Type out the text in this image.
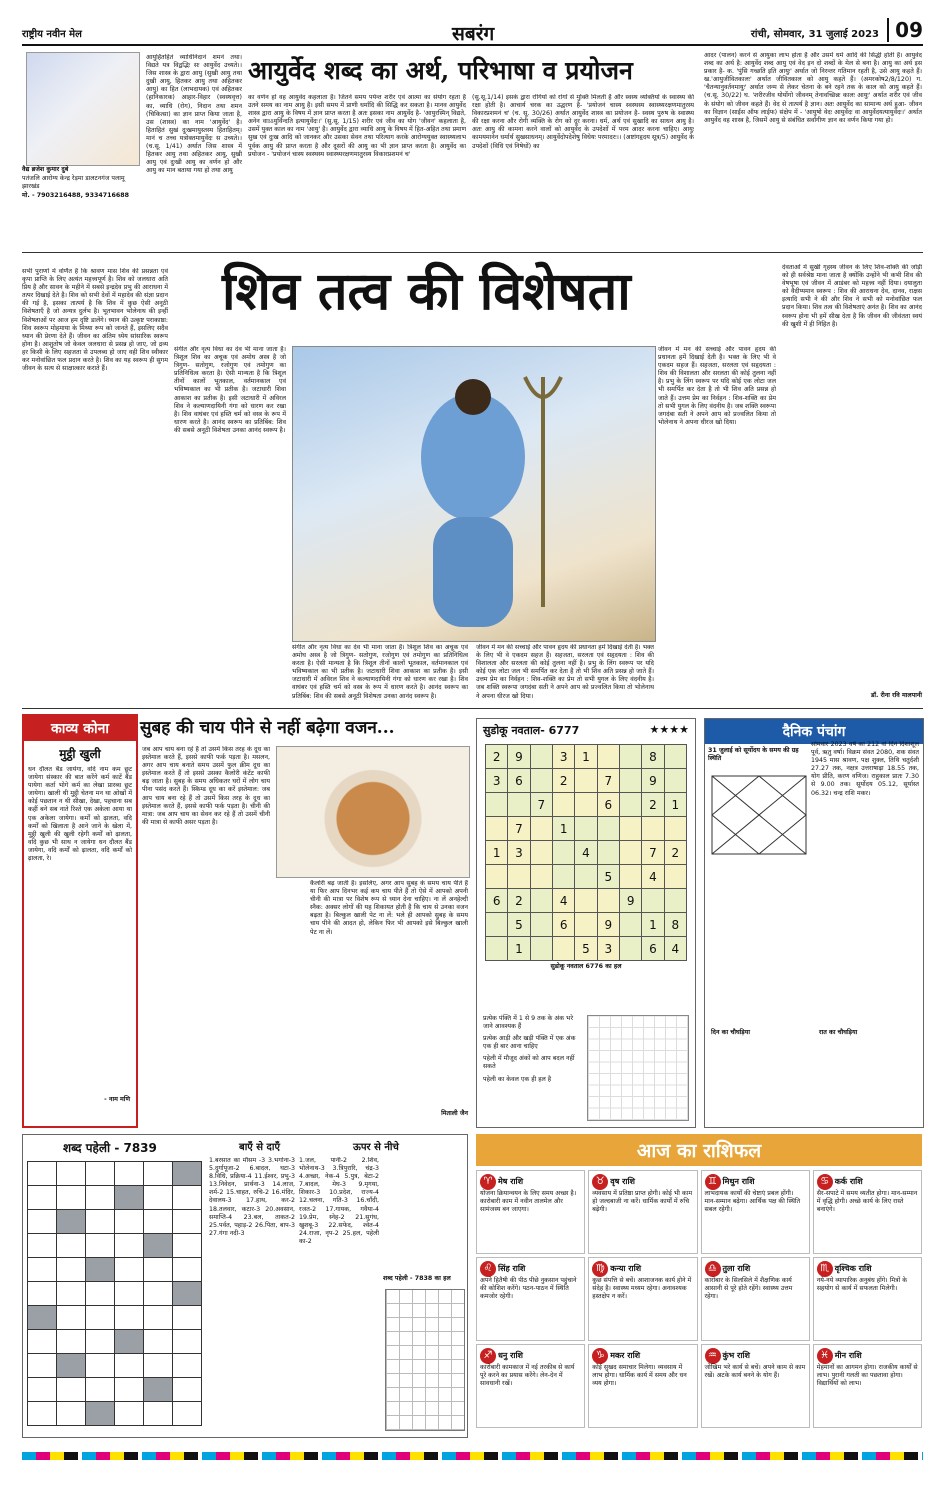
राष्ट्रीय नवीन मेल	सबरंग	रांची, सोमवार, 31 जुलाई 2023 09
वैद्य ब्रजेश कुमार दुबे
पतंजलि आरोग्य केन्द्र रेड़मा डालटनगंज पलामू झारखंड
मो. - 7903216488, 9334716688
आयुर्वेद शब्द का अर्थ, परिभाषा व प्रयोजन
आयुर्हितहितं व्याधिनिदानं शमनं तथा। विद्यते यत्र विद्वद्भिः सः आयुर्वेद उच्यते।। जिस शास्त्र के द्वारा आयु (सुखी आयु तथा दुखी आयु, हितकर आयु तथा अहितकर आयु) का हित (लाभदायक) एवं अहितकर (हानिकारक) आहार-विहार (स्वस्थवृत्त) का, व्याधि (रोग), निदान तथा शमन (चिकित्सा) का ज्ञान प्राप्त किया जाता है, उस (शास्त्र) का नाम 'आयुर्वेद' है। हिताहितं सुखं दुःखमायुस्तस्य हिताहितम्। मानं च तच्च यत्रोक्तमायुर्वेदः स उच्यते।। (च.सू. 1/41) अर्थात जिस शास्त्र में हितकर आयु तथा अहितकर आयु, सुखी आयु एवं दुःखी आयु का वर्णन हो और आयु का मान बताया गया हो तथा आयु
का वर्णन हो वह आयुर्वेद कहलाता है। जितने समय पर्यन्त शरीर एवं आत्मा का संयोग रहता है उतने समय का नाम आयु है। इसी समय में प्राणी धर्मादि की सिद्धि कर सकता है। मानव आयुर्वेद शास्त्र द्वारा आयु के विषय में ज्ञान प्राप्त करता है अतः इसका नाम आयुर्वेद है- 'आयुरस्मिन् विद्यते, अनेन वाऽऽयुर्विन्दति इत्यायुर्वेदः।' (सु.सू. 1/15) शरीर एवं जीव का योग 'जीवन' कहलाता है, उसमें युक्त काल का नाम 'आयु' है। आयुर्वेद द्वारा व्याधि आयु के विषय में हित-अहित तथा प्रमाण सुख एवं दुःख आदि को जानकर और उसका सेवन तथा परित्याग करके आरोग्ययुक्त स्वास्थ्यलाभ पूर्वक आयु की प्राप्त करता है और दूसरों की आयु का भी ज्ञान प्राप्त करता है। आयुर्वेद का प्रयोजन - 'प्रयोजनं चास्य स्वस्थस्य स्वास्थ्यरक्षणमातुरस्य विकारप्रशमनं च'
(सु.सू.1/14) इसके द्वारा रोगियों को रोगों से मुक्ति मिलती है और स्वस्थ व्यक्तियों के स्वास्थ्य की रक्षा होती है। आचार्य चरक का उद्धरण है- 'प्रयोजनं चास्य स्वस्थस्य स्वास्थ्यरक्षणमातुरस्य विकारप्रशमनं च' (च. सू. 30/26) अर्थात आयुर्वेद शास्त्र का प्रयोजन है- स्वस्थ पुरुष के स्वास्थ्य की रक्षा करना और रोगी व्यक्ति के रोग को दूर करना। धर्म, अर्थ एवं सुखादि का साधन आयु है। अतः आयु की कामना करने वालों को आयुर्वेद के उपदेशों में परम आदर करना चाहिए। आयुः कामयमानेन धर्मार्थ सुखसाधनम्। आयुर्वेदोपदेशेषु विधेयः परमादरः।। (अष्टांगहृदय सूत्र/5) आयुर्वेद के उपदेशों (विधि एवं निषेधों) का
आदर (पालन) करने से आयुका लाभ होता है और उसमें धर्म आदि की सिद्धी होती है। आयुर्वेद शब्द का अर्थ है: आयुर्वेद शब्द आयु एवं वेद इन दो शब्दों के मेल से बना है। आयु का अर्थ इस प्रकार है- क. 'पुंसि गच्छति इति आयुः' अर्थात जो निरन्तर गतिमान रहती है, उसे आयु कहते हैं। ख.'आयुजीवितकालः' अर्थात जीवितकाल को आयु कहते हैं। (अमरकोष2/8/120) ग. 'चैतन्यानुवर्तनमायुः' अर्थात जन्म से लेकर चेतना के बने रहने तक के काल को आयु कहते हैं। (च.सू. 30/22) घ. 'शरीरजीव योर्योगो जीवनम् तेनावच्छिन्नः कालः आयुः' अर्थात शरीर एवं जीव के संयोग को जीवन कहते हैं। वेद से तात्पर्य है ज्ञान। अतः आयुर्वेद का सामान्य अर्थ हुआ- जीवन का विज्ञान (साईंस ऑफ लाईफ) संक्षेप में - 'आयुषो वेदः आयुर्वेदः वा आयुर्वेदयत्यायुर्वेदः।' अर्थात आयुर्वेद वह शास्त्र है, जिसमें आयु से संबंधित सर्वांगीण ज्ञान का वर्णन किया गया हो।
शिव तत्व की विशेषता
सभी पुराणों में वर्णित है कि श्रावण मास शिव की प्रसन्नता एवं कृपा प्राप्ति के लिए अत्यंत महत्त्वपूर्ण है। शिव को जलधारा अति प्रिय है और सावन के महीने में सबसे इन्द्रदेव प्रभु की आराधना में तत्पर दिखाई देते है। शिव को सभी देवों में महादेव की संज्ञा प्रदान की गई है, इसका तात्पर्य है कि शिव में कुछ ऐसी अनूठी विशेषताएँ है जो अन्यत्र दुर्लभ है। भूतभावन भोलेनाथ की इन्हीं विशेषताओं पर आज हम दृष्टि डालेंगे। ध्यान की उत्कृष्ट पराकाष्ठा: शिव स्वरूप मोहमाया के मिथ्या रूप को जानते हैं, इसलिए सदैव ध्यान की प्रेरणा देते हैं। जीवन का अंतिम ध्येय सांसारिक स्वरूप होना है। आशुतोष जो केवल जलधारा से प्रसन्न हो जाए, जो द्रव्य हर किसी के लिए सहजता से उपलब्ध हो जाए वही शिव स्वीकार कर मनोवांछित फल प्रदान करते है। शिव का यह स्वरूप ही सुगम जीवन के सत्य से साक्षात्कार कराते हैं।
संगीत और नृत्य विधा का देव भी माना जाता है। त्रिशूल शिव का अचूक एवं अमोघ अस्त्र है जो त्रिगुण- सतोगुण, रजोगुण एवं तमोगुण का प्रतिनिधित्व करता है। ऐसी मान्यता है कि त्रिशूल तीनों कालों भूतकाल, वर्तमानकाल एवं भविष्यकाल का भी प्रतीक है। जटाधारी शिवा आकाश का प्रतीक है। इसी जटाधारी में अविरल शिव ने कल्याणदायिनी गंगा को धारण कर रखा है। शिव वाघंबर एवं हस्ति चर्म को वस्त्र के रूप में धारण करते है। आनंद स्वरूप का प्रतिबिंब: शिव की सबसे अनूठी विशेषता उनका आनंद स्वरूप है।
संगीत और नृत्य विधा का देव भी माना जाता है। त्रिशूल शिव का अचूक एवं अमोघ अस्त्र है जो त्रिगुण- सतोगुण, रजोगुण एवं तमोगुण का प्रतिनिधित्व करता है। ऐसी मान्यता है कि त्रिशूल तीनों कालों भूतकाल, वर्तमानकाल एवं भविष्यकाल का भी प्रतीक है। जटाधारी शिवा आकाश का प्रतीक है। इसी जटाधारी में अविरल शिव ने कल्याणदायिनी गंगा को धारण कर रखा है। शिव वाघंबर एवं हस्ति चर्म को वस्त्र के रूप में धारण करते है। आनंद स्वरूप का प्रतिबिंब: शिव की सबसे अनूठी विशेषता उनका आनंद स्वरूप है।
जीवन में मन की सच्चाई और पावन हृदय की प्रधानता हमें दिखाई देती है। भक्त के लिए भी वे एकदम सहज हैं। सहजता, सरलता एवं सहृदयता : शिव की विशालता और सरलता की कोई तुलना नहीं है। प्रभु के लिंग स्वरूप पर यदि कोई एक लोटा जल भी समर्पित कर देता है तो भी शिव अति प्रसन्न हो जाते हैं। उत्तम प्रेम का निर्वहन : शिव-शक्ति का प्रेम तो सभी युगल के लिए वंदनीय है। जब शक्ति स्वरूपा जगदंबा सती ने अपने आप को प्रज्वलित किया तो भोलेनाथ ने अपना धीरज खो दिया।
जीवन में मन की सच्चाई और पावन हृदय की प्रधानता हमें दिखाई देती है। भक्त के लिए भी वे एकदम सहज हैं। सहजता, सरलता एवं सहृदयता : शिव की विशालता और सरलता की कोई तुलना नहीं है। प्रभु के लिंग स्वरूप पर यदि कोई एक लोटा जल भी समर्पित कर देता है तो भी शिव अति प्रसन्न हो जाते हैं। उत्तम प्रेम का निर्वहन : शिव-शक्ति का प्रेम तो सभी युगल के लिए वंदनीय है। जब शक्ति स्वरूपा जगदंबा सती ने अपने आप को प्रज्वलित किया तो भोलेनाथ ने अपना धीरज खो दिया।
देवताओं में सुखी गृहस्थ जीवन के लिए शिव-शक्ति की जोड़ी को ही सर्वश्रेष्ठ माना जाता है क्योंकि उन्होंने भी कभी शिव की वेषभूषा एवं जीवन में आडंबर को महत्त्व नहीं दिया। दयालुता को वैदीप्यमान स्वरूप : शिव की आराधना देव, दानव, राक्षस इत्यादि सभी ने की और शिव ने सभी को मनोवांछित फल प्रदान किया। शिव तत्व की विशेषताएं अनंत है। शिव का आनंद स्वरूप होना भी हमें सीख देता है कि जीवन की जीवंतता स्वयं की खुशी में ही निहित है।
डॉ. रीना रवि मालपानी
काव्य कोना
मुट्ठी खुली
धन दौलत बैंड जायेगा, वदि नाम कम छूट जायेगा संस्कार की बात करेंगे कर्म काटें बैंड पायेगा कर्ता भोगे कर्म का लेखा प्रारब्ध छूट जायेगा। खाली थी मुट्ठी चेतना मन था ओखों में कोई पछतान न थी सीखा, देखा, पहचाना सब कहीं बने सब नाते रिश्ते एक अकेला आया था एक अकेला जायेगा। कर्मों को ढ़ालता, वदि कर्मों को खिलाता है आने जाने के खेला में, मुट्ठी खुली की खुली रहेगी कर्मों को ढ़ालता, वदि कुछ भी साथ न जायेगा धन दौलत बैंड जायेगा, वदि कर्मों को ढ़ालता, वदि कर्मों को ढ़ालता, रे।
- नाम मणि
सुबह की चाय पीने से नहीं बढ़ेगा वजन...
जब आप चाय बना रहे हैं तो उसमें किस तरह के दूध का इस्तेमाल करते हैं, इससे काफी फर्क पड़ता है। मसलन, अगर आप चाय बनाते समय उसमें फुल क्रीम दूध का इस्तेमाल करते हैं तो इससे उसका कैलोरी कंटेंट काफी बढ़ जाता है। सुबह के समय अधिकतर घरों में लोग चाय पीना पसंद करते हैं। स्किम्ड दूध का करें इस्तेमाल: जब आप चाय बना रहे हैं तो उसमें किस तरह के दूध का इस्तेमाल करते हैं, इससे काफी फर्क पड़ता है। चीनी की मात्रा: जब आप चाय का सेवन कर रहे हैं तो उसमें चीनी की मात्रा से काफी असर पड़ता है।
कैलोरी बढ़ जाती है। इसलिए, अगर आप सुबह के समय चाय पीते हैं या फिर आप दिनभर कई कप चाय पीते हैं तो ऐसे में आपको अपनी चीनी की मात्रा पर विशेष रूप से ध्यान देना चाहिए। ना लें अनहेल्दी स्नैक: अक्सर लोगों की यह शिकायत होती है कि चाय से उनका वजन बढ़ता है। बिल्कुल खाली पेट ना लें: भले ही आपको सुबह के समय चाय पीने की आदत हो, लेकिन फिर भी आपको इसे बिल्कुल खाली पेट ना लें।
मिताली जैन
सुडोकू नवताल- 6777	★★★★
2	9		3	1			8	
3	6		2		7		9	
		7			6		2	1
	7		1					
1	3			4			7	2
					5		4	
6	2		4			9		
	5		6		9		1	8
	1			5	3		6	4
सुडोकू नवताल 6776 का हल
प्रत्येक पंक्ति में 1 से 9 तक के अंक भरे जाने आवश्यक हैं
प्रत्येक आड़ी और खड़ी पंक्ति में एक अंक एक ही बार आना चाहिए
पहेली में मौजूद अंकों को आप बदल नहीं सकते
पहेली का केवल एक ही हल है
दैनिक पंचांग
31 जुलाई को सूर्योदय के समय की ग्रह स्थिति
सोमवार 2023 वर्ष का 212 वां दिन दिशाशूल पूर्व, ऋतु वर्षा। विक्रम संवत 2080, शक संवत 1945 मास श्रावण, पक्ष शुक्ल, तिथि चतुर्दशी 27.27 तक, नक्षत्र उत्तराषाढ़ा 18.55 तक, योग प्रीति, करण वणिज। राहुकाल प्रातः 7.30 से 9.00 तक। सूर्योदय 05.12, सूर्यास्त 06.32। चन्द्र राशि मकर।
दिन का चौघड़िया	रात का चौघड़िया
शब्द पहेली - 7839

						बाएँ से दाएँ	ऊपर से नीचे
1.बरसात का मौसम -3 3.भगोना-3 5.दुर्गापूजा-2 6.बादल, घटा-3 8.विधि, प्रक्रिया-4 11.ईश्वर, प्रभु-3 13.निवेदन, प्रार्थना-3 14.लाज, शर्म-2 15.चाहत, रुचि-2 16.मंदिर, देवालय-3 17.हाथ, कर-2 18.तलवार, कटार-3 20.अवसान, समाप्ति-4 23.बल, ताकत-2 25.पर्वत, पहाड़-2 26.पिता, बाप-3 27.गंगा नदी-3
1.जल, पानी-2 2.शिव, भोलेनाथ-3 3.त्रिपुरारि, चंद्र-3 4.अच्छा, नेक-4 5.पुत्र, बेटा-2 7.बादल, मेघ-3 9.मृगया, शिकार-3 10.प्रदेश, राज्य-4 12.चलना, गति-3 16.चाँदी, रजत-2 17.गायक, गवैया-4 19.प्रेम, स्नेह-2 21.सुगंध, खुशबू-3 22.सफेद, श्वेत-4 24.राजा, नृप-2 25.हल, पहेली का-2
शब्द पहेली - 7838 का हल
आज का राशिफल
♈ मेष राशि
योजना क्रियान्वयन के लिए समय अच्छा है। कारोबारी काम में नवीन तालमेल और सामंजस्य बन जाएगा।
♉ वृष राशि
व्यवसाय में प्रतिष्ठा प्राप्त होगी। कोई भी काम हो जल्दबाजी ना करें। धार्मिक कार्यों में रुचि बढ़ेगी।
♊ मिथुन राशि
लाभदायक कार्यों की चेष्टाएं प्रबल होंगी। मान-सम्मान बढ़ेगा। आर्थिक पक्ष की स्थिति सबल रहेगी।
♋ कर्क राशि
सैर-सपाटे में समय व्यतीत होगा। मान-सम्मान में वृद्धि होगी। अच्छे कार्य के लिए रास्ते बनाएंगे।
♌ सिंह राशि
अपने हितैषी की पीठ पीछे नुकसान पहुंचाने की कोशिश करेंगे। पठन-पाठन में स्थिति कमजोर रहेगी।
♍ कन्या राशि
कुछ संपत्ति से बचें। आशाजनक कार्य होने में संदेह है। स्वास्थ्य मध्यम रहेगा। अनावश्यक हस्तक्षेप न करें।
♎ तुला राशि
कारोबार के सिलसिले में शैक्षणिक कार्य आसानी से पूरे होते रहेंगे। स्वास्थ्य उत्तम रहेगा।
♏ वृश्चिक राशि
नये-नये व्यापारिक अनुबंध होंगे। मित्रों के सहयोग से कार्य में सफलता मिलेगी।
♐ धनु राशि
कारोबारी कामकाज में नई तरकीब से कार्य पूरे करने का प्रयास करेंगे। लेन-देन में सावधानी रखें।
♑ मकर राशि
कोई सुखद समाचार मिलेगा। व्यवसाय में लाभ होगा। धार्मिक कार्य में समय और धन व्यय होगा।
♒ कुंभ राशि
जोखिम भरे कार्य से बचें। अपने काम से काम रखें। अटके कार्य बनने के योग हैं।
♓ मीन राशि
मेहमानों का आगमन होगा। राजकीय कार्यों से लाभ। पुरानी गलती का पछतावा होगा। विद्यार्थियों को लाभ।
